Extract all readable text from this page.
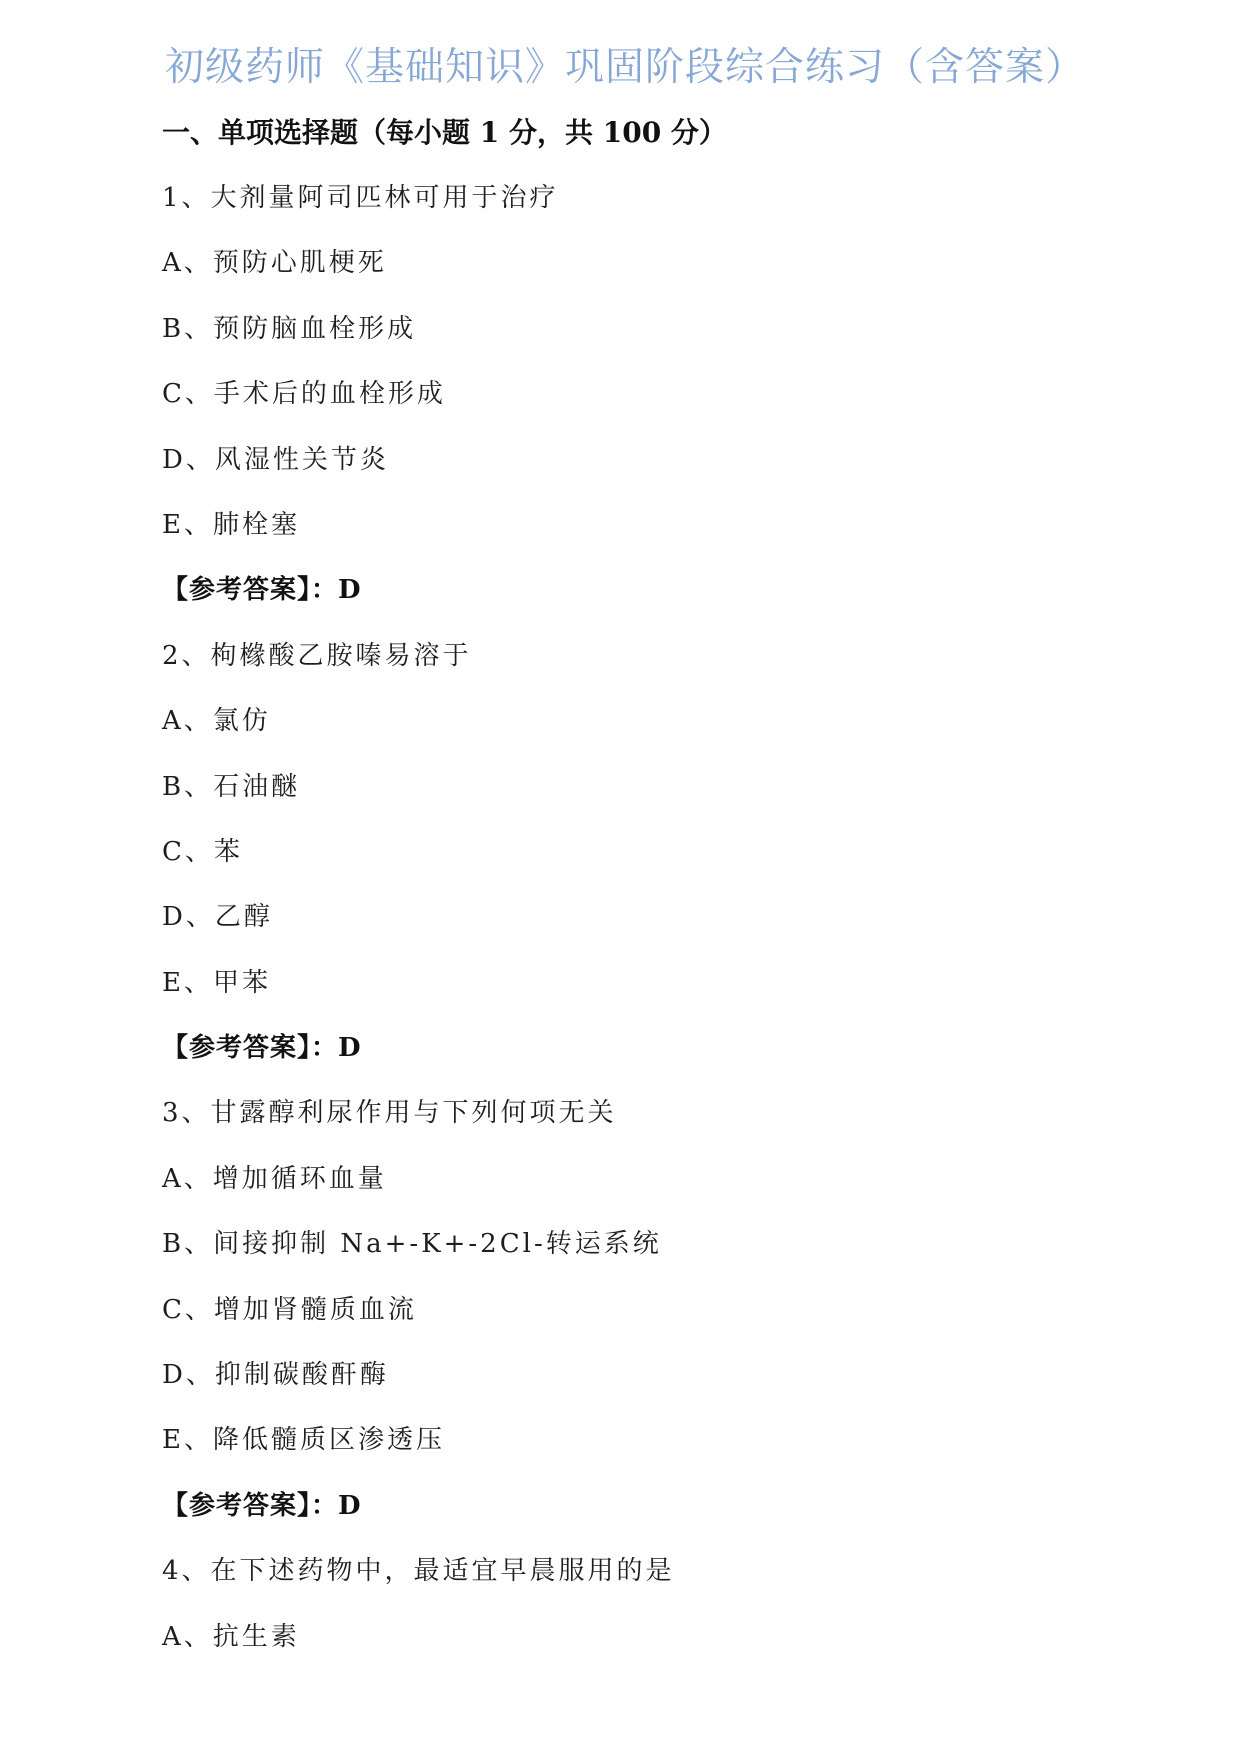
初级药师《基础知识》巩固阶段综合练习（含答案）
一、单项选择题（每小题 1 分，共 100 分）
1、大剂量阿司匹林可用于治疗
A、预防心肌梗死
B、预防脑血栓形成
C、手术后的血栓形成
D、风湿性关节炎
E、肺栓塞
【参考答案】：D
2、枸橼酸乙胺嗪易溶于
A、氯仿
B、石油醚
C、苯
D、乙醇
E、甲苯
【参考答案】：D
3、甘露醇利尿作用与下列何项无关
A、增加循环血量
B、间接抑制 Na+-K+-2Cl-转运系统
C、增加肾髓质血流
D、抑制碳酸酐酶
E、降低髓质区渗透压
【参考答案】：D
4、在下述药物中，最适宜早晨服用的是
A、抗生素
